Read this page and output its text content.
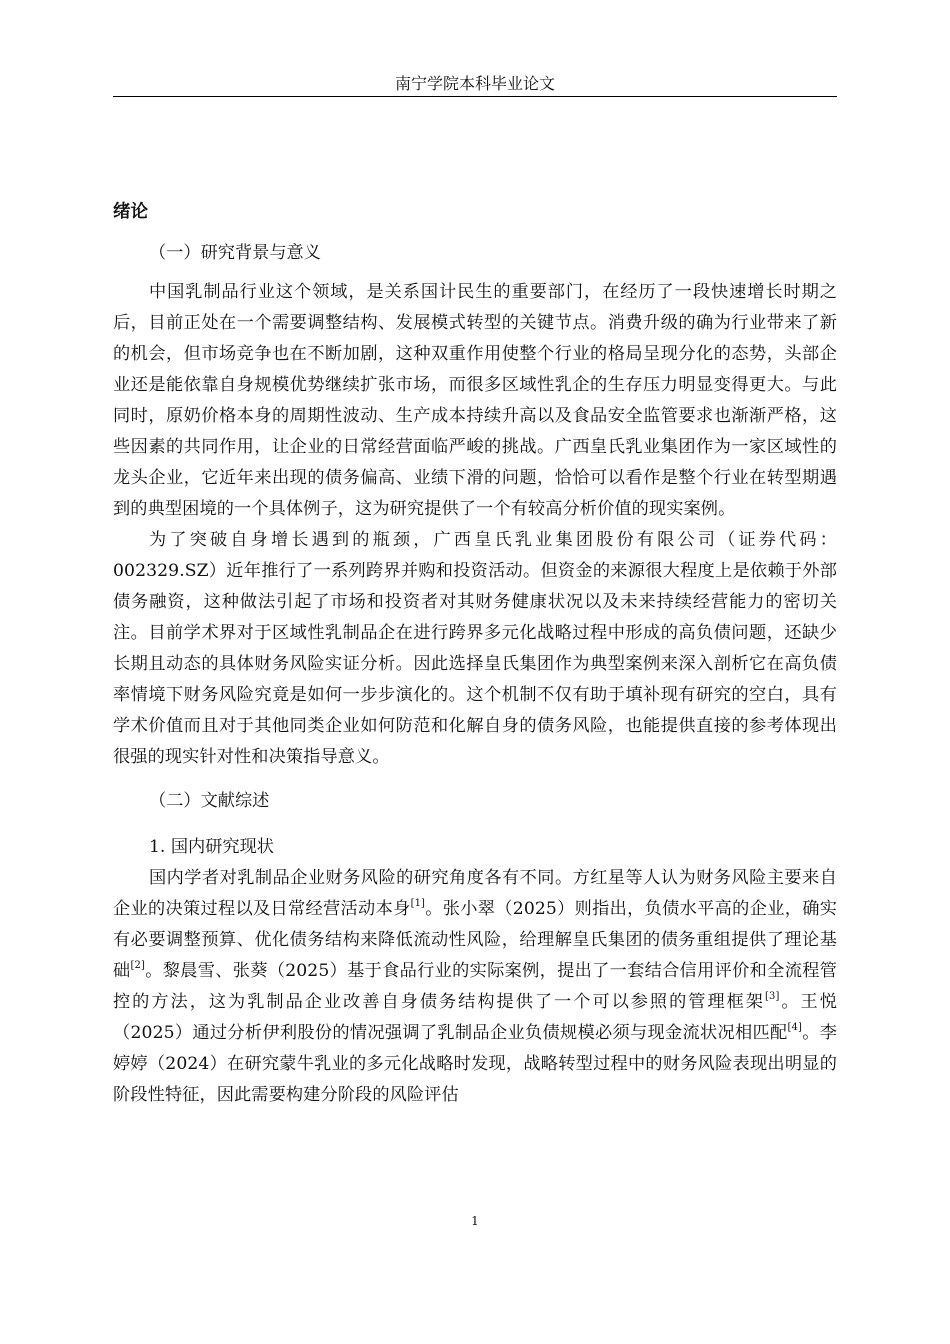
南宁学院本科毕业论文

绪论

（一）研究背景与意义

中国乳制品行业这个领域，是关系国计民生的重要部门，在经历了一段快速增长时期之后，目前正处在一个需要调整结构、发展模式转型的关键节点。消费升级的确为行业带来了新的机会，但市场竞争也在不断加剧，这种双重作用使整个行业的格局呈现分化的态势，头部企业还是能依靠自身规模优势继续扩张市场，而很多区域性乳企的生存压力明显变得更大。与此同时，原奶价格本身的周期性波动、生产成本持续升高以及食品安全监管要求也渐渐严格，这些因素的共同作用，让企业的日常经营面临严峻的挑战。广西皇氏乳业集团作为一家区域性的龙头企业，它近年来出现的债务偏高、业绩下滑的问题，恰恰可以看作是整个行业在转型期遇到的典型困境的一个具体例子，这为研究提供了一个有较高分析价值的现实案例。

为了突破自身增长遇到的瓶颈，广西皇氏乳业集团股份有限公司（证券代码：002329.SZ）近年推行了一系列跨界并购和投资活动。但资金的来源很大程度上是依赖于外部债务融资，这种做法引起了市场和投资者对其财务健康状况以及未来持续经营能力的密切关注。目前学术界对于区域性乳制品企在进行跨界多元化战略过程中形成的高负债问题，还缺少长期且动态的具体财务风险实证分析。因此选择皇氏集团作为典型案例来深入剖析它在高负债率情境下财务风险究竟是如何一步步演化的。这个机制不仅有助于填补现有研究的空白，具有学术价值而且对于其他同类企业如何防范和化解自身的债务风险，也能提供直接的参考体现出很强的现实针对性和决策指导意义。

（二）文献综述

1. 国内研究现状

国内学者对乳制品企业财务风险的研究角度各有不同。方红星等人认为财务风险主要来自企业的决策过程以及日常经营活动本身[1]。张小翠（2025）则指出，负债水平高的企业，确实有必要调整预算、优化债务结构来降低流动性风险，给理解皇氏集团的债务重组提供了理论基础[2]。黎晨雪、张葵（2025）基于食品行业的实际案例，提出了一套结合信用评价和全流程管控的方法，这为乳制品企业改善自身债务结构提供了一个可以参照的管理框架[3]。王悦（2025）通过分析伊利股份的情况强调了乳制品企业负债规模必须与现金流状况相匹配[4]。李婷婷（2024）在研究蒙牛乳业的多元化战略时发现，战略转型过程中的财务风险表现出明显的阶段性特征，因此需要构建分阶段的风险评估

1
